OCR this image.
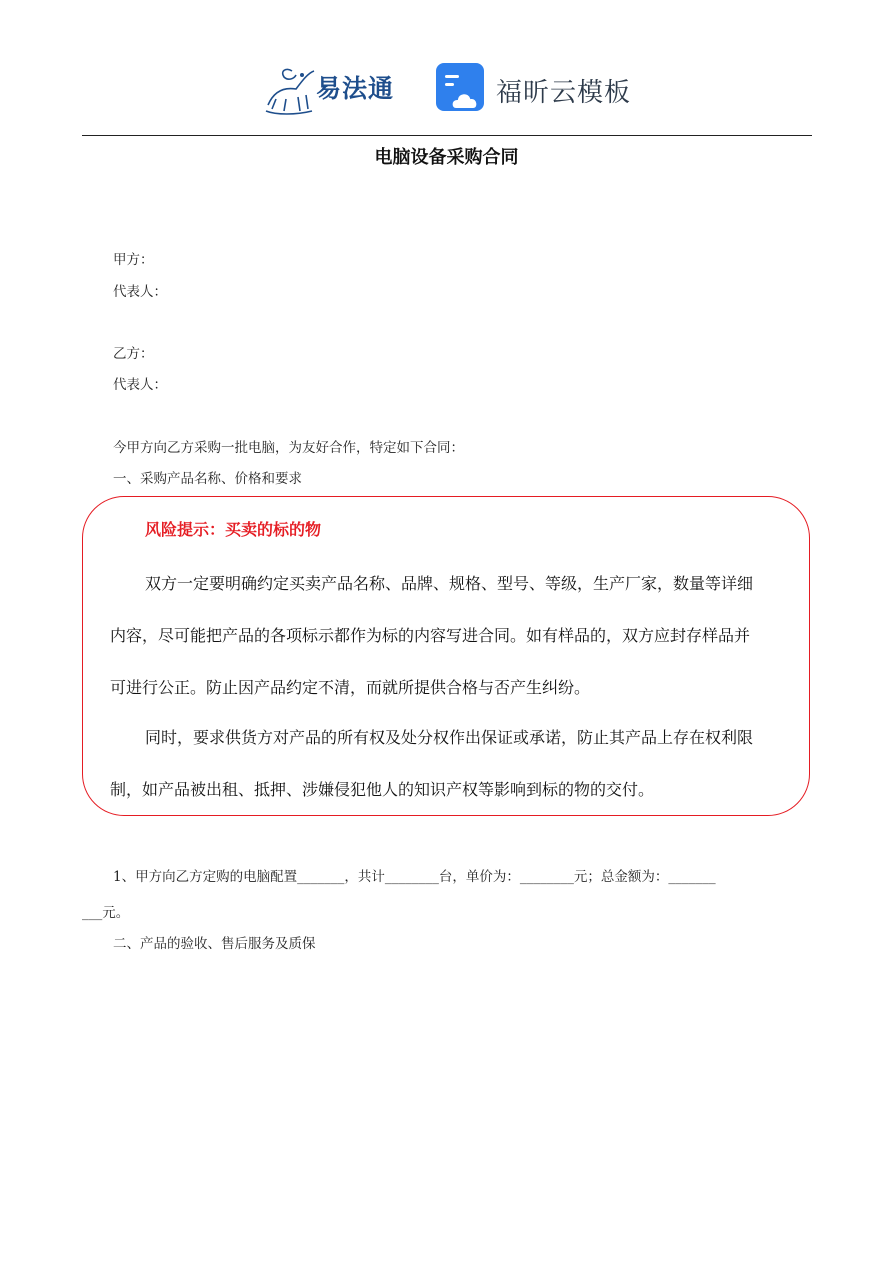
易法通	福昕云模板
电脑设备采购合同
甲方：
代表人：
乙方：
代表人：
今甲方向乙方采购一批电脑，为友好合作，特定如下合同：
一、采购产品名称、价格和要求
风险提示：买卖的标的物
双方一定要明确约定买卖产品名称、品牌、规格、型号、等级，生产厂家，数量等详细
内容，尽可能把产品的各项标示都作为标的内容写进合同。如有样品的，双方应封存样品并
可进行公正。防止因产品约定不清，而就所提供合格与否产生纠纷。
同时，要求供货方对产品的所有权及处分权作出保证或承诺，防止其产品上存在权利限
制，如产品被出租、抵押、涉嫌侵犯他人的知识产权等影响到标的物的交付。
1、甲方向乙方定购的电脑配置_______，共计________台，单价为：________元；总金额为：_______
___元。
二、产品的验收、售后服务及质保
